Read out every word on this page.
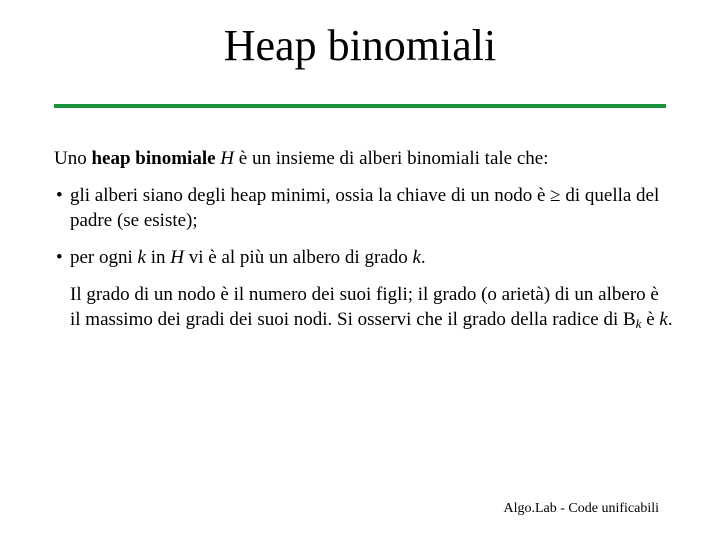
Heap binomiali

Uno heap binomiale H è un insieme di alberi binomiali tale che:

• gli alberi siano degli heap minimi, ossia la chiave di un nodo è ≥ di quella del padre (se esiste);
• per ogni k in H vi è al più un albero di grado k.

Il grado di un nodo è il numero dei suoi figli; il grado (o arietà) di un albero è il massimo dei gradi dei suoi nodi. Si osservi che il grado della radice di Bk è k.

Algo.Lab - Code unificabili
